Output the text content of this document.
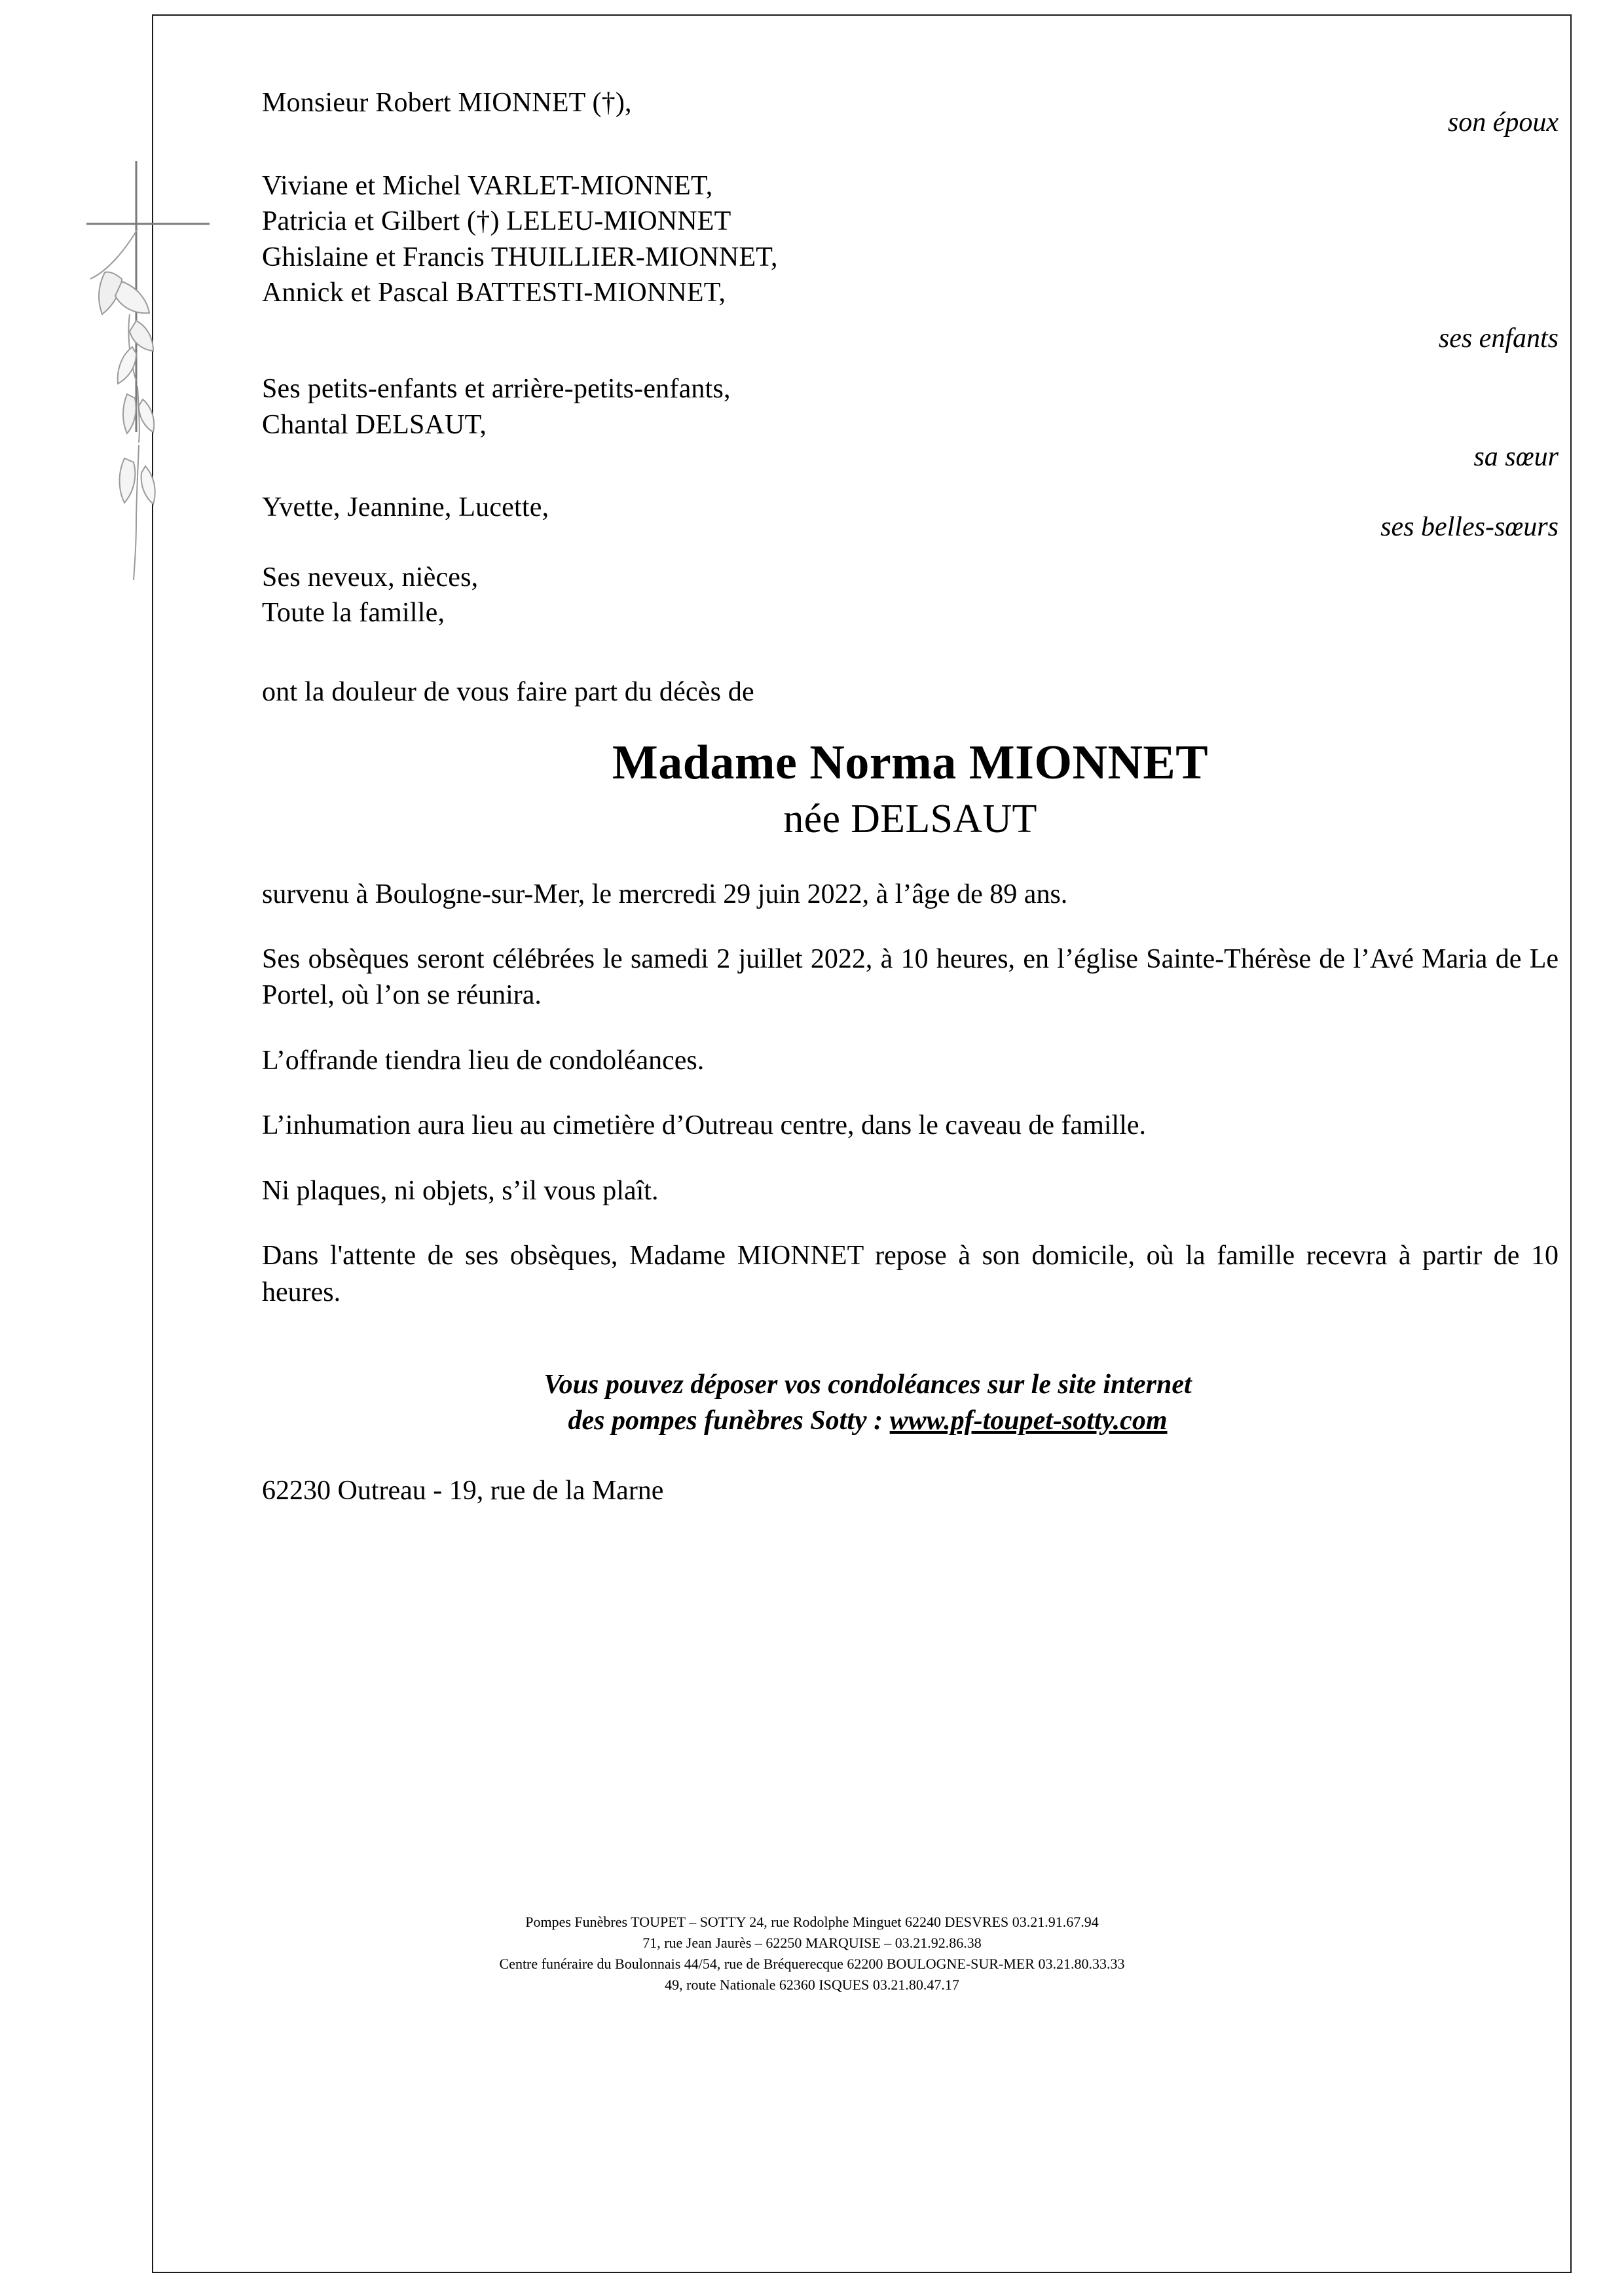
Monsieur Robert MIONNET (†),
son époux
Viviane et Michel VARLET-MIONNET,
Patricia et Gilbert (†) LELEU-MIONNET
Ghislaine et Francis THUILLIER-MIONNET,
Annick et Pascal BATTESTI-MIONNET,
ses enfants
Ses petits-enfants et arrière-petits-enfants,
Chantal DELSAUT,
sa sœur
Yvette, Jeannine, Lucette,
ses belles-sœurs
Ses neveux, nièces,
Toute la famille,
ont la douleur de vous faire part du décès de
Madame Norma MIONNET
née DELSAUT
survenu à Boulogne-sur-Mer, le mercredi 29 juin 2022, à l’âge de 89 ans.
Ses obsèques seront célébrées le samedi 2 juillet 2022, à 10 heures, en l’église Sainte-Thérèse de l’Avé Maria de Le Portel, où l’on se réunira.
L’offrande tiendra lieu de condoléances.
L’inhumation aura lieu au cimetière d’Outreau centre, dans le caveau de famille.
Ni plaques, ni objets, s’il vous plaît.
Dans l'attente de ses obsèques, Madame MIONNET repose à son domicile, où la famille recevra à partir de 10 heures.
Vous pouvez déposer vos condoléances sur le site internet
des pompes funèbres Sotty : www.pf-toupet-sotty.com
62230 Outreau - 19, rue de la Marne
Pompes Funèbres TOUPET – SOTTY 24, rue Rodolphe Minguet 62240 DESVRES 03.21.91.67.94
71, rue Jean Jaurès – 62250 MARQUISE – 03.21.92.86.38
Centre funéraire du Boulonnais 44/54, rue de Bréquerecque 62200 BOULOGNE-SUR-MER 03.21.80.33.33
49, route Nationale 62360 ISQUES 03.21.80.47.17
